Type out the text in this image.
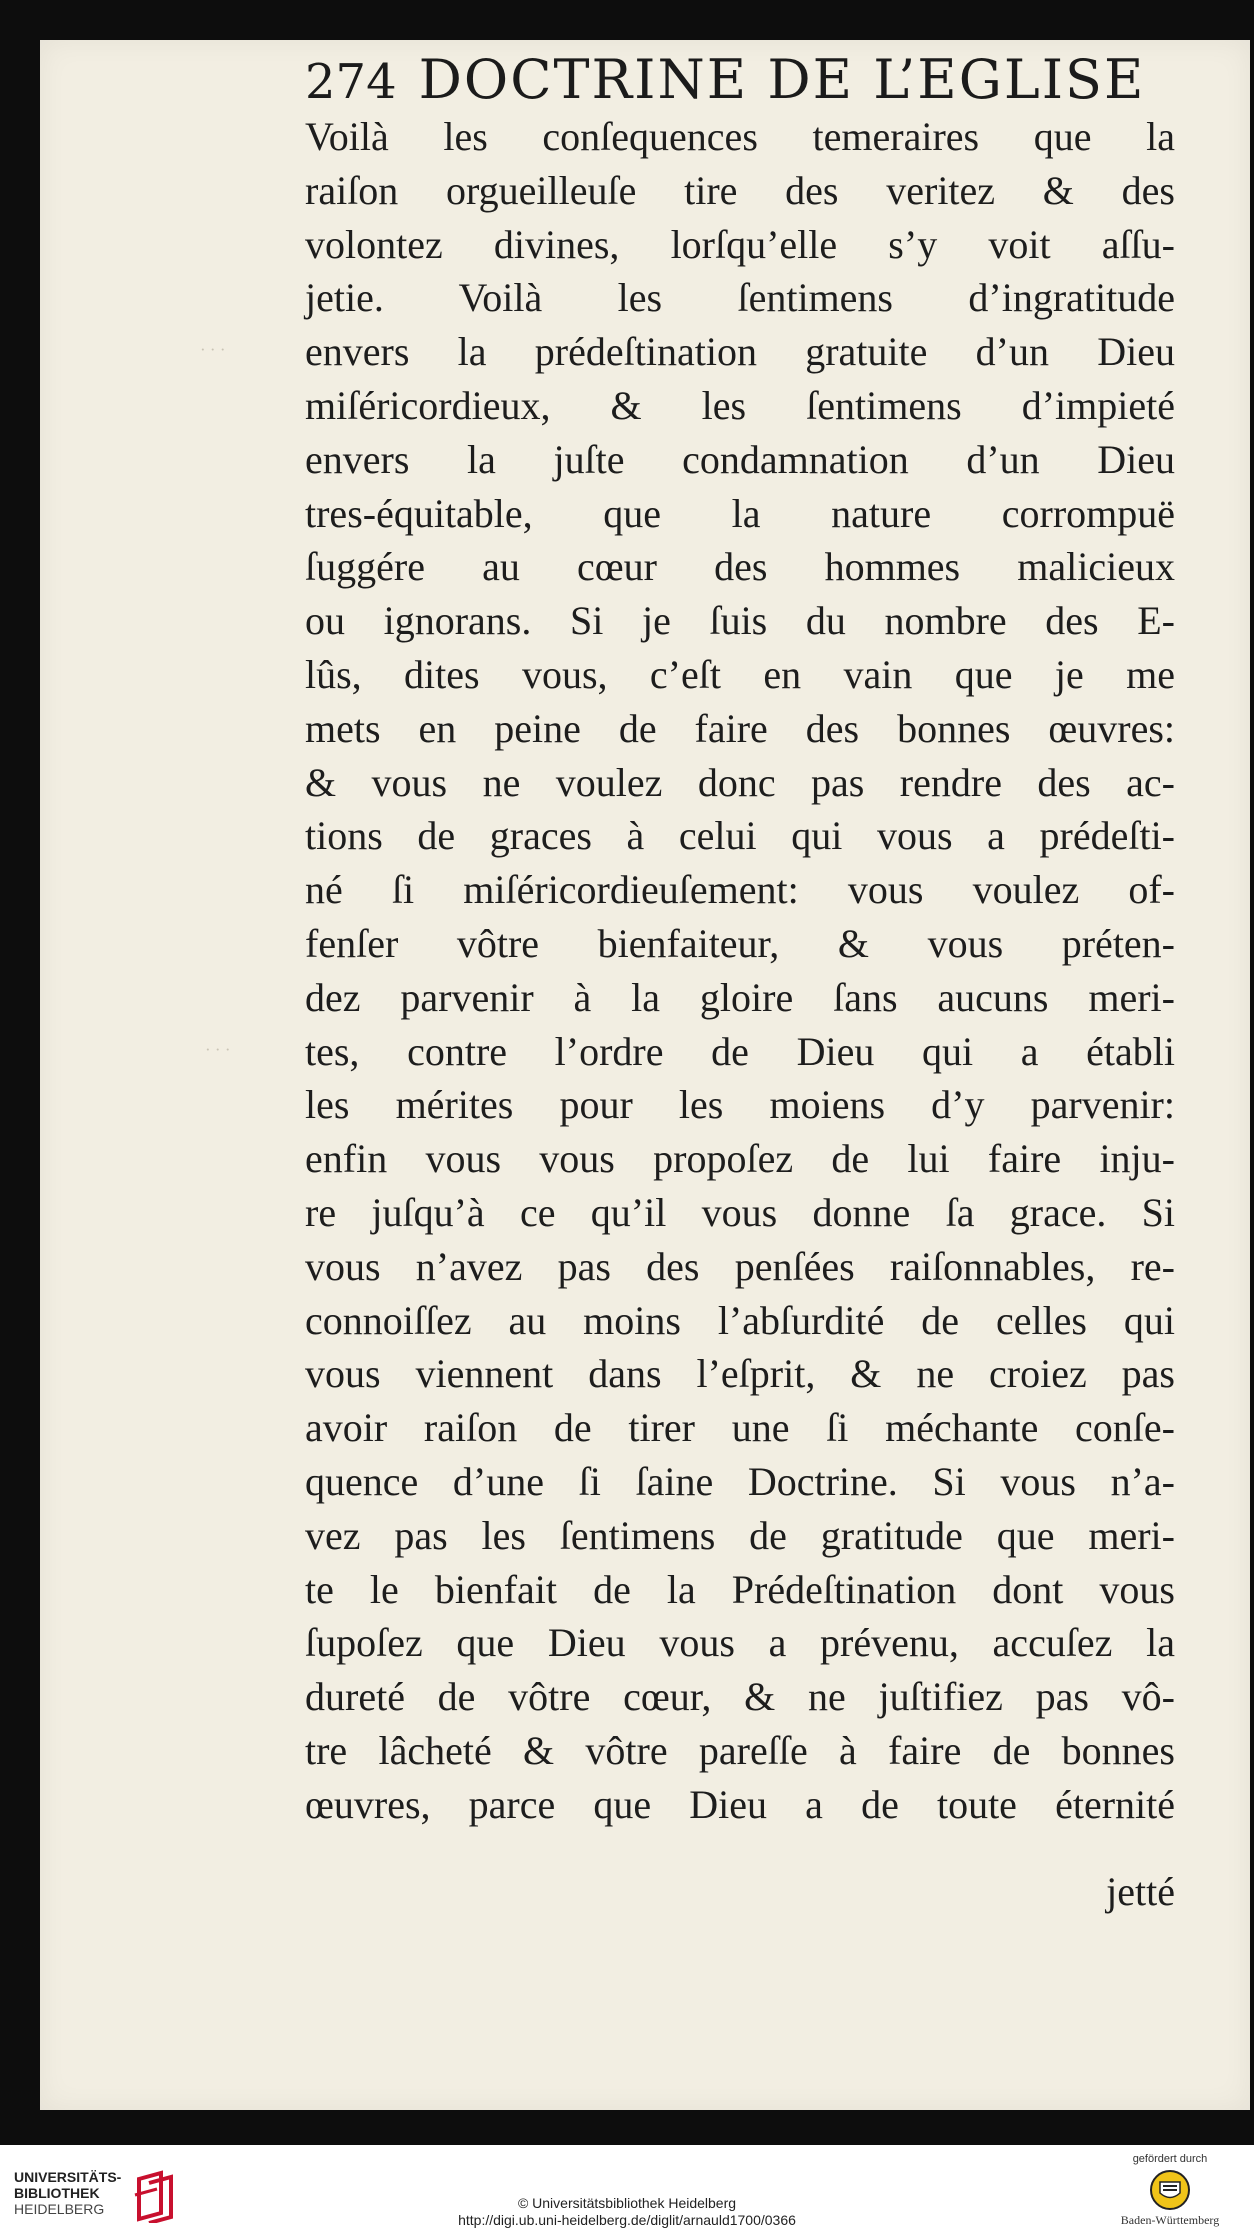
· · ·
· · ·
274 DOCTRINE DE L’EGLISE
Voilà les conſequences temeraires que la
raiſon orgueilleuſe tire des veritez & des
volontez divines, lorſqu’elle s’y voit aſſu-
jetie. Voilà les ſentimens d’ingratitude
envers la prédeſtination gratuite d’un Dieu
miſéricordieux, & les ſentimens d’impieté
envers la juſte condamnation d’un Dieu
tres-équitable, que la nature corrompuë
ſuggére au cœur des hommes malicieux
ou ignorans. Si je ſuis du nombre des E-
lûs, dites vous, c’eſt en vain que je me
mets en peine de faire des bonnes œuvres:
& vous ne voulez donc pas rendre des ac-
tions de graces à celui qui vous a prédeſti-
né ſi miſéricordieuſement: vous voulez of-
fenſer vôtre bienfaiteur, & vous préten-
dez parvenir à la gloire ſans aucuns meri-
tes, contre l’ordre de Dieu qui a établi
les mérites pour les moiens d’y parvenir:
enfin vous vous propoſez de lui faire inju-
re juſqu’à ce qu’il vous donne ſa grace. Si
vous n’avez pas des penſées raiſonnables, re-
connoiſſez au moins l’abſurdité de celles qui
vous viennent dans l’eſprit, & ne croiez pas
avoir raiſon de tirer une ſi méchante conſe-
quence d’une ſi ſaine Doctrine. Si vous n’a-
vez pas les ſentimens de gratitude que meri-
te le bienfait de la Prédeſtination dont vous
ſupoſez que Dieu vous a prévenu, accuſez la
dureté de vôtre cœur, & ne juſtifiez pas vô-
tre lâcheté & vôtre pareſſe à faire de bonnes
œuvres, parce que Dieu a de toute éternité
jetté
UNIVERSITÄTS-
BIBLIOTHEK
HEIDELBERG	© Universitätsbibliothek Heidelberg
http://digi.ub.uni-heidelberg.de/diglit/arnauld1700/0366
gefördert durch
Baden-Württemberg
